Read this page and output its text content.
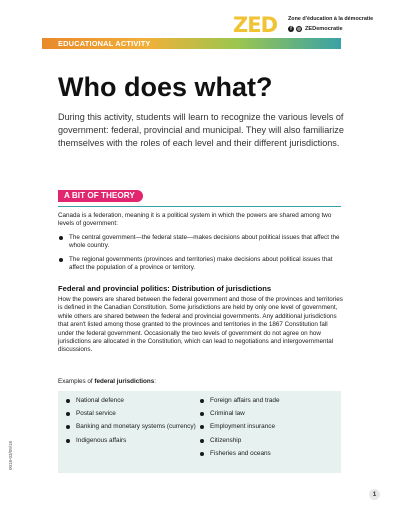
ZED Zone d'éducation à la démocratie
f	◎ ZEDemocratie
EDUCATIONAL ACTIVITY
Who does what?
During this activity, students will learn to recognize the various levels of government: federal, provincial and municipal. They will also familiarize themselves with the roles of each level and their different jurisdictions.
A BIT OF THEORY
Canada is a federation, meaning it is a political system in which the powers are shared among two levels of government:
The central government—the federal state—makes decisions about political issues that affect the whole country.
The regional governments (provinces and territories) make decisions about political issues that affect the population of a province or territory.
Federal and provincial politics: Distribution of jurisdictions
How the powers are shared between the federal government and those of the provinces and territories is defined in the Canadian Constitution. Some jurisdictions are held by only one level of government, while others are shared between the federal and provincial governments. Any additional jurisdictions that aren't listed among those granted to the provinces and territories in the 1867 Constitution fall under the federal government. Occasionally the two levels of government do not agree on how jurisdictions are allocated in the Constitution, which can lead to negotiations and intergovernmental discussions.
Examples of federal jurisdictions:
National defence
Postal service
Banking and monetary systems (currency)
Indigenous affairs
Foreign affairs and trade
Criminal law
Employment insurance
Citizenship
Fisheries and oceans
0018-03/09/18
1
